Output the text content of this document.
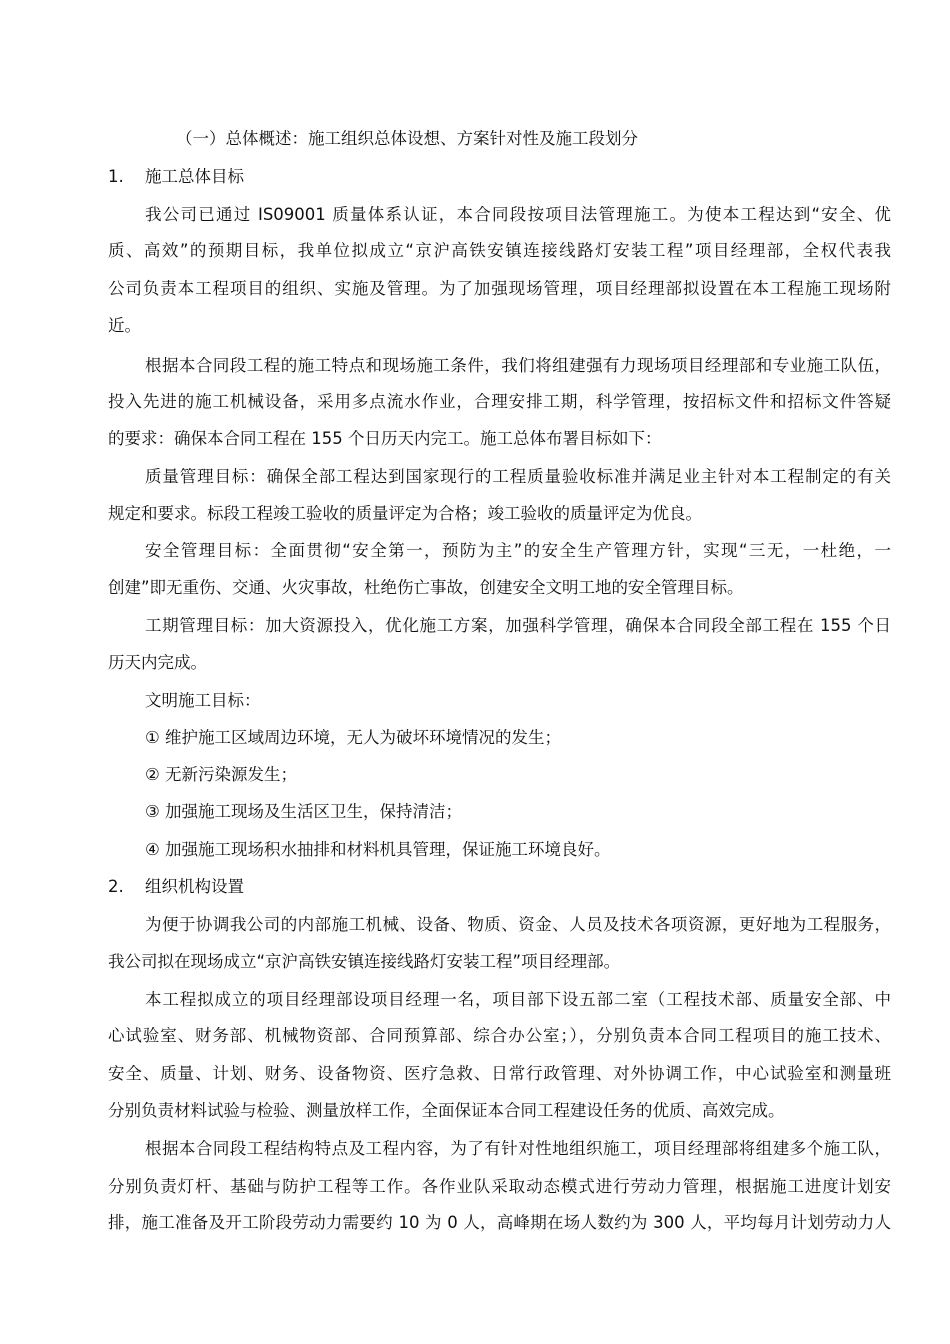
（一）总体概述：施工组织总体设想、方案针对性及施工段划分
1. 施工总体目标
我公司已通过 IS09001 质量体系认证，本合同段按项目法管理施工。为使本工程达到“安全、优
质、高效”的预期目标，我单位拟成立“京沪高铁安镇连接线路灯安装工程”项目经理部，全权代表我
公司负责本工程项目的组织、实施及管理。为了加强现场管理，项目经理部拟设置在本工程施工现场附
近。
根据本合同段工程的施工特点和现场施工条件，我们将组建强有力现场项目经理部和专业施工队伍，
投入先进的施工机械设备，采用多点流水作业，合理安排工期，科学管理，按招标文件和招标文件答疑
的要求：确保本合同工程在 155 个日历天内完工。施工总体布署目标如下：
质量管理目标：确保全部工程达到国家现行的工程质量验收标准并满足业主针对本工程制定的有关
规定和要求。标段工程竣工验收的质量评定为合格；竣工验收的质量评定为优良。
安全管理目标：全面贯彻“安全第一，预防为主”的安全生产管理方针，实现“三无，一杜绝，一
创建”即无重伤、交通、火灾事故，杜绝伤亡事故，创建安全文明工地的安全管理目标。
工期管理目标：加大资源投入，优化施工方案，加强科学管理，确保本合同段全部工程在 155 个日
历天内完成。
文明施工目标：
① 维护施工区域周边环境，无人为破坏环境情况的发生；
② 无新污染源发生；
③ 加强施工现场及生活区卫生，保持清洁；
④ 加强施工现场积水抽排和材料机具管理，保证施工环境良好。
2. 组织机构设置
为便于协调我公司的内部施工机械、设备、物质、资金、人员及技术各项资源，更好地为工程服务，
我公司拟在现场成立“京沪高铁安镇连接线路灯安装工程”项目经理部。
本工程拟成立的项目经理部设项目经理一名，项目部下设五部二室（工程技术部、质量安全部、中
心试验室、财务部、机械物资部、合同预算部、综合办公室；），分别负责本合同工程项目的施工技术、
安全、质量、计划、财务、设备物资、医疗急救、日常行政管理、对外协调工作，中心试验室和测量班
分别负责材料试验与检验、测量放样工作，全面保证本合同工程建设任务的优质、高效完成。
根据本合同段工程结构特点及工程内容，为了有针对性地组织施工，项目经理部将组建多个施工队，
分别负责灯杆、基础与防护工程等工作。各作业队采取动态模式进行劳动力管理，根据施工进度计划安
排，施工准备及开工阶段劳动力需要约 10 为 0 人，高峰期在场人数约为 300 人，平均每月计划劳动力人
